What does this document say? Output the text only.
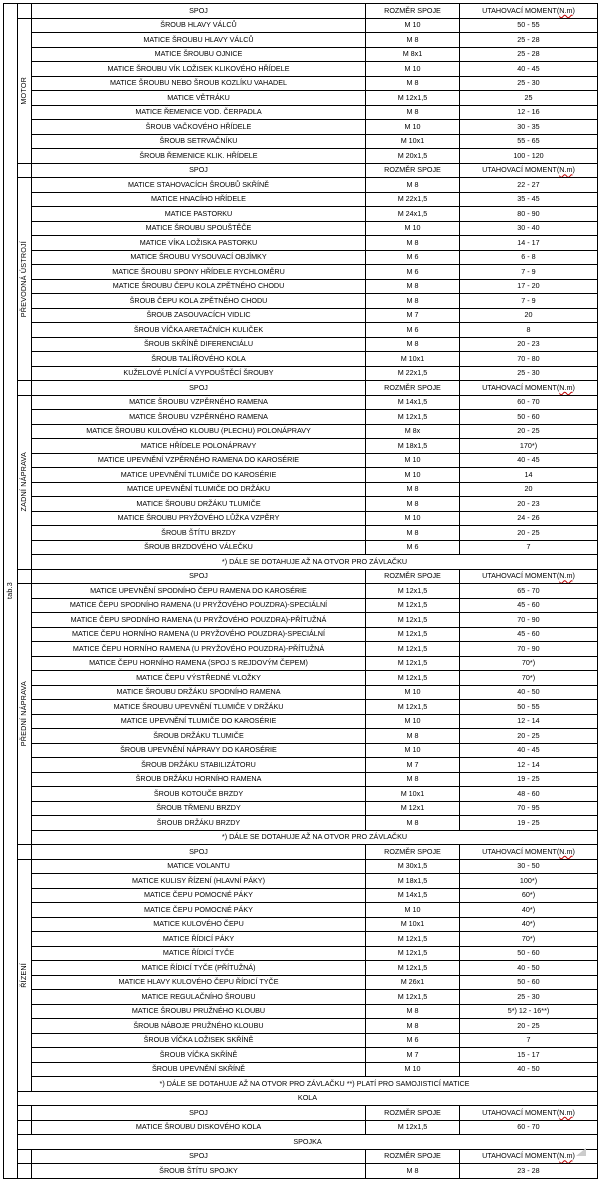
tab.3		SPOJ	ROZMĚR SPOJE	UTAHOVACÍ MOMENT(N.m)

	MOTOR	ŠROUB HLAVY VÁLCŮ	M 10	50 - 55
		MATICE ŠROUBU HLAVY VÁLCŮ	M 8	25 - 28
		MATICE ŠROUBU OJNICE	M 8x1	25 - 28
		MATICE ŠROUBU VÍK LOŽISEK KLIKOVÉHO HŘÍDELE	M 10	40 - 45
		MATICE ŠROUBU NEBO ŠROUB KOZLÍKU VAHADEL	M 8	25 - 30
		MATICE VĚTRÁKU	M 12x1,5	25
		MATICE ŘEMENICE VOD. ČERPADLA	M 8	12 - 16
		ŠROUB VAČKOVÉHO HŘÍDELE	M 10	30 - 35
		ŠROUB SETRVAČNÍKU	M 10x1	55 - 65
		ŠROUB ŘEMENICE KLIK. HŘÍDELE	M 20x1,5	100 - 120
		SPOJ	ROZMĚR SPOJE	UTAHOVACÍ MOMENT(N.m)

	PŘEVODNÁ ÚSTROJÍ	MATICE STAHOVACÍCH ŠROUBŮ SKŘÍNĚ	M 8	22 - 27
		MATICE HNACÍHO HŘÍDELE	M 22x1,5	35 - 45
		MATICE PASTORKU	M 24x1,5	80 - 90
		MATICE ŠROUBU SPOUŠTĚČE	M 10	30 - 40
		MATICE VÍKA LOŽISKA PASTORKU	M 8	14 - 17
		MATICE ŠROUBU VYSOUVACÍ OBJÍMKY	M 6	6 - 8
		MATICE ŠROUBU SPONY HŘÍDELE RYCHLOMĚRU	M 6	7 - 9
		MATICE ŠROUBU ČEPU KOLA ZPĚTNÉHO CHODU	M 8	17 - 20
		ŠROUB ČEPU KOLA ZPĚTNÉHO CHODU	M 8	7 - 9
		ŠROUB ZASOUVACÍCH VIDLIC	M 7	20
		ŠROUB VÍČKA ARETAČNÍCH KULIČEK	M 6	8
		ŠROUB SKŘÍNĚ DIFERENCIÁLU	M 8	20 - 23
		ŠROUB TALÍŘOVÉHO KOLA	M 10x1	70 - 80
		KUŽELOVÉ PLNÍCÍ A VYPOUŠTĚCÍ ŠROUBY	M 22x1,5	25 - 30
		SPOJ	ROZMĚR SPOJE	UTAHOVACÍ MOMENT(N.m)

	ZADNÍ NÁPRAVA	MATICE ŠROUBU VZPĚRNÉHO RAMENA	M 14x1,5	60 - 70
		MATICE ŠROUBU VZPĚRNÉHO RAMENA	M 12x1,5	50 - 60
		MATICE ŠROUBU KULOVÉHO KLOUBU (PLECHU) POLONÁPRAVY	M 8x	20 - 25
		MATICE HŘÍDELE POLONÁPRAVY	M 18x1,5	170*)
		MATICE UPEVNĚNÍ VZPĚRNÉHO RAMENA DO KAROSÉRIE	M 10	40 - 45
		MATICE UPEVNĚNÍ TLUMIČE DO KAROSÉRIE	M 10	14
		MATICE UPEVNĚNÍ TLUMIČE DO DRŽÁKU	M 8	20
		MATICE ŠROUBU DRŽÁKU TLUMIČE	M 8	20 - 23
		MATICE ŠROUBU PRYŽOVÉHO LŮŽKA VZPĚRY	M 10	24 - 26
		ŠROUB ŠTÍTU BRZDY	M 8	20 - 25
		ŠROUB BRZDOVÉHO VÁLEČKU	M 6	7
		*) DÁLE SE DOTAHUJE AŽ NA OTVOR PRO ZÁVLAČKU		
		SPOJ	ROZMĚR SPOJE	UTAHOVACÍ MOMENT(N.m)

	PŘEDNÍ NÁPRAVA	MATICE UPEVNĚNÍ SPODNÍHO ČEPU RAMENA DO KAROSÉRIE	M 12x1,5	65 - 70
		MATICE ČEPU SPODNÍHO RAMENA (U PRYŽOVÉHO POUZDRA)-SPECIÁLNÍ	M 12x1,5	45 - 60
		MATICE ČEPU SPODNÍHO RAMENA (U PRYŽOVÉHO POUZDRA)-PŘÍTUŽNÁ	M 12x1,5	70 - 90
		MATICE ČEPU HORNÍHO RAMENA (U PRYŽOVÉHO POUZDRA)-SPECIÁLNÍ	M 12x1,5	45 - 60
		MATICE ČEPU HORNÍHO RAMENA (U PRYŽOVÉHO POUZDRA)-PŘÍTUŽNÁ	M 12x1,5	70 - 90
		MATICE ČEPU HORNÍHO RAMENA (SPOJ S REJDOVÝM ČEPEM)	M 12x1,5	70*)
		MATICE ČEPU VÝSTŘEDNÉ VLOŽKY	M 12x1,5	70*)
		MATICE ŠROUBU DRŽÁKU SPODNÍHO RAMENA	M 10	40 - 50
		MATICE ŠROUBU UPEVNĚNÍ TLUMIČE V DRŽÁKU	M 12x1,5	50 - 55
		MATICE UPEVNĚNÍ TLUMIČE DO KAROSÉRIE	M 10	12 - 14
		ŠROUB DRŽÁKU TLUMIČE	M 8	20 - 25
		ŠROUB UPEVNĚNÍ NÁPRAVY DO KAROSÉRIE	M 10	40 - 45
		ŠROUB DRŽÁKU STABILIZÁTORU	M 7	12 - 14
		ŠROUB DRŽÁKU HORNÍHO RAMENA	M 8	19 - 25
		ŠROUB KOTOUČE BRZDY	M 10x1	48 - 60
		ŠROUB TŘMENU BRZDY	M 12x1	70 - 95
		ŠROUB DRŽÁKU BRZDY	M 8	19 - 25
		*) DÁLE SE DOTAHUJE AŽ NA OTVOR PRO ZÁVLAČKU		
		SPOJ	ROZMĚR SPOJE	UTAHOVACÍ MOMENT(N.m)

	ŘÍZENÍ	MATICE VOLANTU	M 30x1,5	30 - 50
		MATICE KULISY ŘÍZENÍ (HLAVNÍ PÁKY)	M 18x1,5	100*)
		MATICE ČEPU POMOCNÉ PÁKY	M 14x1,5	60*)
		MATICE ČEPU POMOCNÉ PÁKY	M 10	40*)
		MATICE KULOVÉHO ČEPU	M 10x1	40*)
		MATICE ŘÍDICÍ PÁKY	M 12x1,5	70*)
		MATICE ŘÍDICÍ TYČE	M 12x1,5	50 - 60
		MATICE ŘÍDICÍ TYČE (PŘÍTUŽNÁ)	M 12x1,5	40 - 50
		MATICE HLAVY KULOVÉHO ČEPU ŘÍDICÍ TYČE	M 26x1	50 - 60
		MATICE REGULAČNÍHO ŠROUBU	M 12x1,5	25 - 30
		MATICE ŠROUBU PRUŽNÉHO KLOUBU	M 8	5*) 12 - 16**)
		ŠROUB NÁBOJE PRUŽNÉHO KLOUBU	M 8	20 - 25
		ŠROUB VÍČKA LOŽISEK SKŘÍNĚ	M 6	7
		ŠROUB VÍČKA SKŘÍNĚ	M 7	15 - 17
		ŠROUB UPEVNĚNÍ SKŘÍNĚ	M 10	40 - 50
		*) DÁLE SE DOTAHUJE AŽ NA OTVOR PRO ZÁVLAČKU **) PLATÍ PRO SAMOJISTICÍ MATICE		
	KOLA			
		SPOJ	ROZMĚR SPOJE	UTAHOVACÍ MOMENT(N.m)
		MATICE ŠROUBU DISKOVÉHO KOLA	M 12x1,5	60 - 70
	SPOJKA			
		SPOJ	ROZMĚR SPOJE	UTAHOVACÍ MOMENT(N.m)
		ŠROUB ŠTÍTU SPOJKY	M 8	23 - 28
